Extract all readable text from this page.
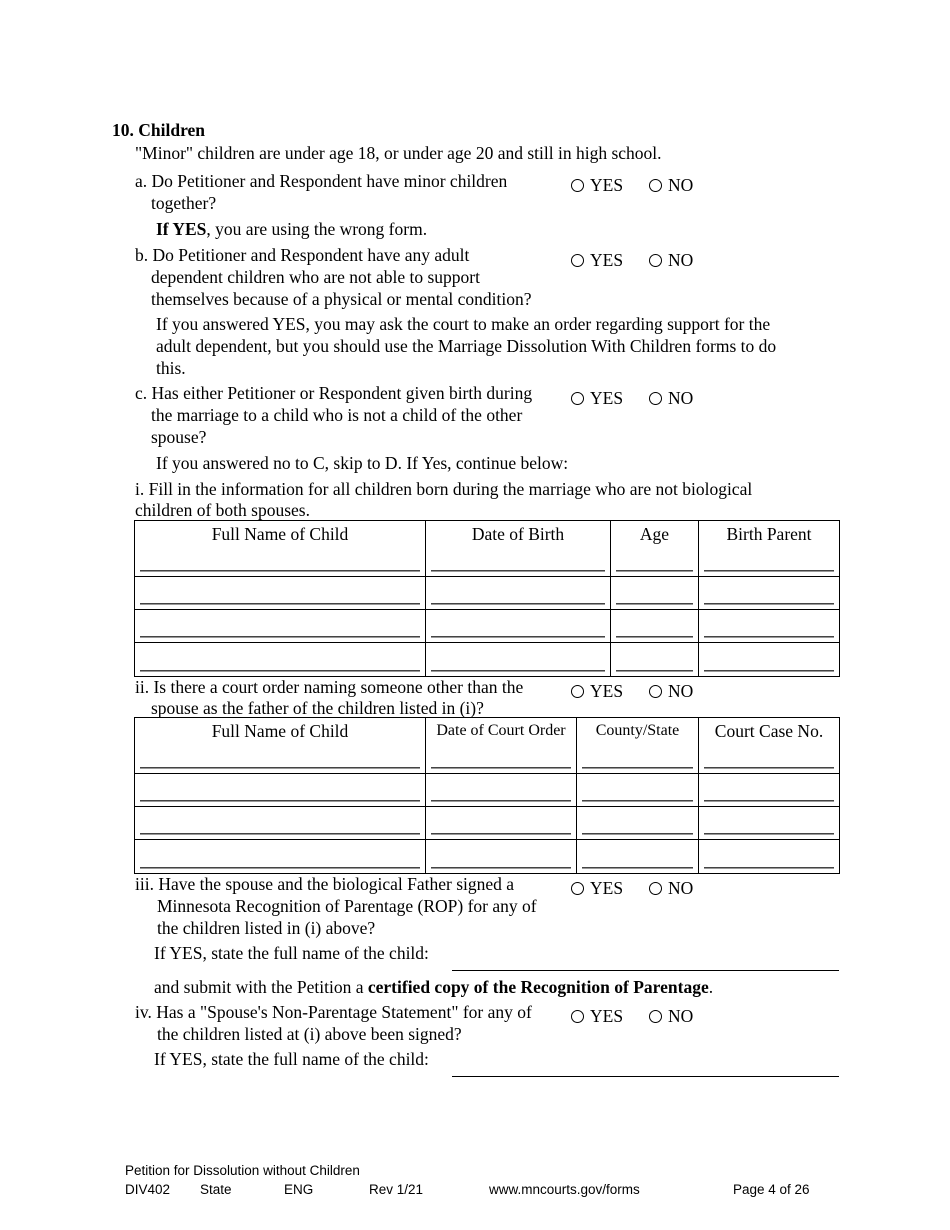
10. Children
"Minor" children are under age 18, or under age 20 and still in high school.
a. Do Petitioner and Respondent have minor children
together?
YES	NO
If YES, you are using the wrong form.
b. Do Petitioner and Respondent have any adult
dependent children who are not able to support
themselves because of a physical or mental condition?
YES	NO
If you answered YES, you may ask the court to make an order regarding support for the
adult dependent, but you should use the Marriage Dissolution With Children forms to do
this.
c. Has either Petitioner or Respondent given birth during
the marriage to a child who is not a child of the other
spouse?
YES	NO
If you answered no to C, skip to D. If Yes, continue below:
i. Fill in the information for all children born during the marriage who are not biological
children of both spouses.
Full Name of Child	Date of Birth	Age	Birth Parent

ii. Is there a court order naming someone other than the
spouse as the father of the children listed in (i)?
YES	NO
Full Name of Child	Date of Court Order	County/State	Court Case No.

iii. Have the spouse and the biological Father signed a
Minnesota Recognition of Parentage (ROP) for any of
the children listed in (i) above?
YES	NO
If YES, state the full name of the child:
and submit with the Petition a certified copy of the Recognition of Parentage.
iv. Has a "Spouse's Non-Parentage Statement" for any of
the children listed at (i) above been signed?
YES	NO
If YES, state the full name of the child:
Petition for Dissolution without Children
DIV402 State	ENG	Rev 1/21	www.mncourts.gov/forms	Page 4 of 26
